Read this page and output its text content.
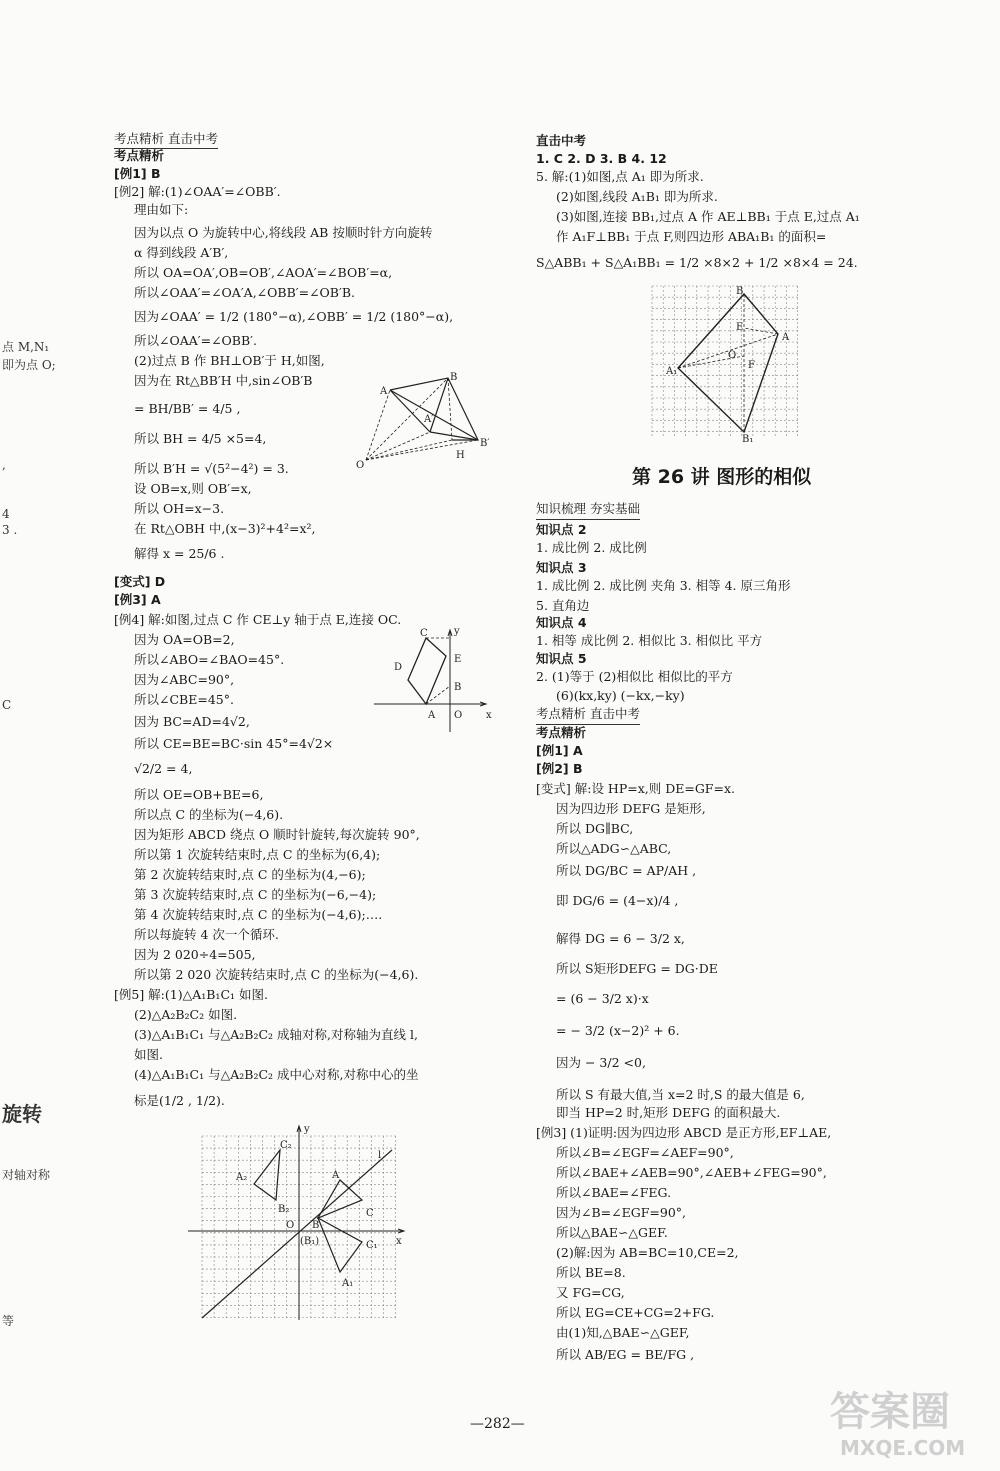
点 M,N₁
即为点 O;
,
4
3 .
C
旋转
对轴对称
等
考点精析 直击中考
考点精析
[例1] B
[例2] 解:(1)∠OAA′=∠OBB′.
理由如下:
因为以点 O 为旋转中心,将线段 AB 按顺时针方向旋转
α 得到线段 A′B′,
所以 OA=OA′,OB=OB′,∠AOA′=∠BOB′=α,
所以∠OAA′=∠OA′A,∠OBB′=∠OB′B.
因为∠OAA′ = 1/2 (180°−α),∠OBB′ = 1/2 (180°−α),
所以∠OAA′=∠OBB′.
(2)过点 B 作 BH⊥OB′于 H,如图,
因为在 Rt△BB′H 中,sin∠OB′B
= BH/BB′ = 4/5 ,
所以 BH = 4/5 ×5=4,
所以 B′H = √(5²−4²) = 3.
设 OB=x,则 OB′=x,
所以 OH=x−3.
在 Rt△OBH 中,(x−3)²+4²=x²,
解得 x = 25/6 .
[变式] D
[例3] A
[例4] 解:如图,过点 C 作 CE⊥y 轴于点 E,连接 OC.
因为 OA=OB=2,
所以∠ABO=∠BAO=45°.
因为∠ABC=90°,
所以∠CBE=45°.
因为 BC=AD=4√2,
所以 CE=BE=BC·sin 45°=4√2×
√2/2 = 4,
所以 OE=OB+BE=6,
所以点 C 的坐标为(−4,6).
因为矩形 ABCD 绕点 O 顺时针旋转,每次旋转 90°,
所以第 1 次旋转结束时,点 C 的坐标为(6,4);
第 2 次旋转结束时,点 C 的坐标为(4,−6);
第 3 次旋转结束时,点 C 的坐标为(−6,−4);
第 4 次旋转结束时,点 C 的坐标为(−4,6);….
所以每旋转 4 次一个循环.
因为 2 020÷4=505,
所以第 2 020 次旋转结束时,点 C 的坐标为(−4,6).
[例5] 解:(1)△A₁B₁C₁ 如图.
(2)△A₂B₂C₂ 如图.
(3)△A₁B₁C₁ 与△A₂B₂C₂ 成轴对称,对称轴为直线 l,
如图.
(4)△A₁B₁C₁ 与△A₂B₂C₂ 成中心对称,对称中心的坐
标是(1/2 , 1/2).
直击中考
1. C 2. D 3. B 4. 12
5. 解:(1)如图,点 A₁ 即为所求.
(2)如图,线段 A₁B₁ 即为所求.
(3)如图,连接 BB₁,过点 A 作 AE⊥BB₁ 于点 E,过点 A₁
作 A₁F⊥BB₁ 于点 F,则四边形 ABA₁B₁ 的面积=
S△ABB₁ + S△A₁BB₁ = 1/2 ×8×2 + 1/2 ×8×4 = 24.
知识梳理 夯实基础
知识点 2
1. 成比例 2. 成比例
知识点 3
1. 成比例 2. 成比例 夹角 3. 相等 4. 原三角形
5. 直角边
知识点 4
1. 相等 成比例 2. 相似比 3. 相似比 平方
知识点 5
2. (1)等于 (2)相似比 相似比的平方
(6)(kx,ky) (−kx,−ky)
考点精析 直击中考
考点精析
[例1] A
[例2] B
[变式] 解:设 HP=x,则 DE=GF=x.
因为四边形 DEFG 是矩形,
所以 DG∥BC,
所以△ADG∽△ABC,
所以 DG/BC = AP/AH ,
即 DG/6 = (4−x)/4 ,
解得 DG = 6 − 3/2 x,
所以 S矩形DEFG = DG·DE
= (6 − 3/2 x)·x
= − 3/2 (x−2)² + 6.
因为 − 3/2 <0,
所以 S 有最大值,当 x=2 时,S 的最大值是 6,
即当 HP=2 时,矩形 DEFG 的面积最大.
[例3] (1)证明:因为四边形 ABCD 是正方形,EF⊥AE,
所以∠B=∠EGF=∠AEF=90°,
所以∠BAE+∠AEB=90°,∠AEB+∠FEG=90°,
所以∠BAE=∠FEG.
因为∠B=∠EGF=90°,
所以△BAE∽△GEF.
(2)解:因为 AB=BC=10,CE=2,
所以 BE=8.
又 FG=CG,
所以 EG=CE+CG=2+FG.
由(1)知,△BAE∽△GEF,
所以 AB/EG = BE/FG ,
第 26 讲 图形的相似
—282—
A
B
A′
O
B′
H
y
D
E
C
B
A O x
y
C₂
A₂
B₂
A
l
C
O B
(B₁)	C₁
A₁
x
B
E
A
A₁
O
F
B₁
答案圈
MXQE.COM
